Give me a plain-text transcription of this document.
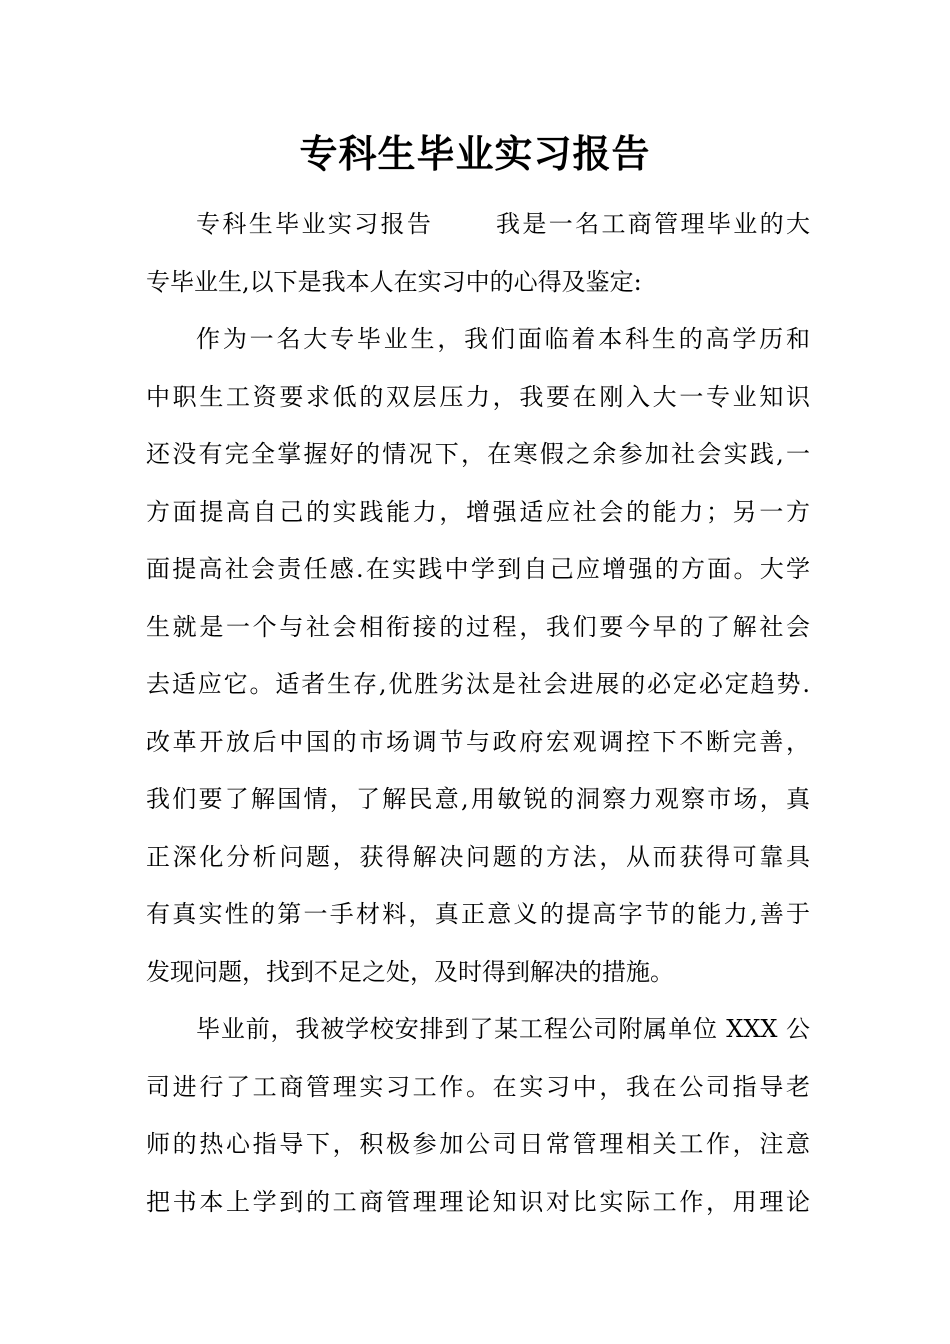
专科生毕业实习报告
专科生毕业实习报告 　　我是一名工商管理毕业的大
专毕业生,以下是我本人在实习中的心得及鉴定:
作为一名大专毕业生，我们面临着本科生的高学历和
中职生工资要求低的双层压力，我要在刚入大一专业知识
还没有完全掌握好的情况下，在寒假之余参加社会实践,一
方面提高自己的实践能力，增强适应社会的能力；另一方
面提高社会责任感.在实践中学到自己应增强的方面。大学
生就是一个与社会相衔接的过程，我们要今早的了解社会
去适应它。适者生存,优胜劣汰是社会进展的必定必定趋势.
改革开放后中国的市场调节与政府宏观调控下不断完善，
我们要了解国情，了解民意,用敏锐的洞察力观察市场，真
正深化分析问题，获得解决问题的方法，从而获得可靠具
有真实性的第一手材料，真正意义的提高字节的能力,善于
发现问题，找到不足之处，及时得到解决的措施。
毕业前，我被学校安排到了某工程公司附属单位 XXX 公
司进行了工商管理实习工作。在实习中，我在公司指导老
师的热心指导下，积极参加公司日常管理相关工作，注意
把书本上学到的工商管理理论知识对比实际工作，用理论
